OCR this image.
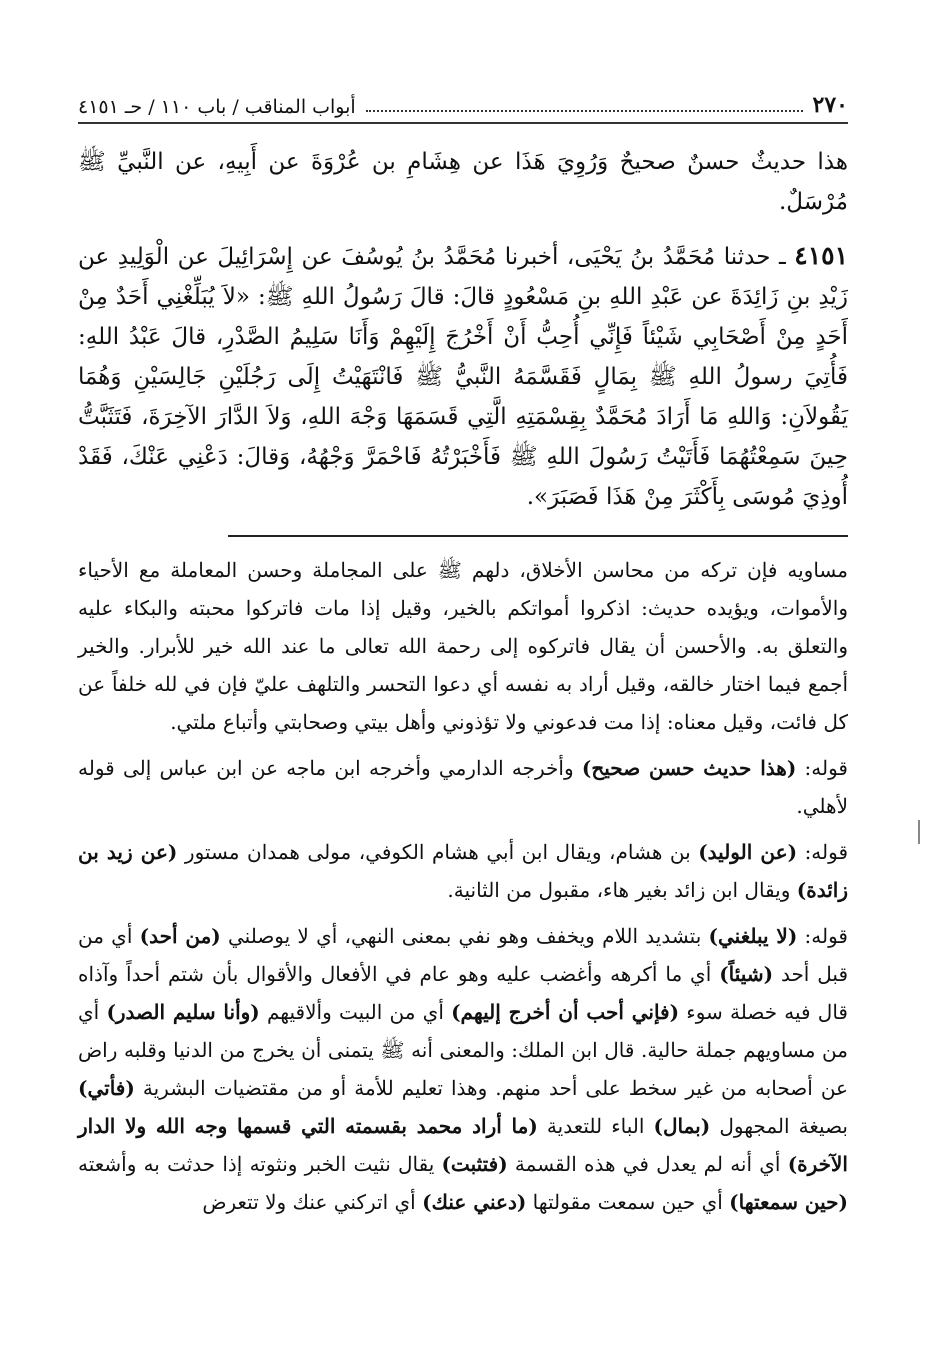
٢٧٠
أبواب المناقب / باب ١١٠ / حـ ٤١٥١

هذا حديثٌ حسنٌ صحيحٌ وَرُوِيَ هَذَا عن هِشَامِ بن عُرْوَةَ عن أَبِيهِ، عن النَّبيِّ ﷺ مُرْسَلٌ.

٤١٥١ ـ حدثنا مُحَمَّدُ بنُ يَحْيَى، أخبرنا مُحَمَّدُ بنُ يُوسُفَ عن إِسْرَائِيلَ عن الْوَلِيدِ عن زَيْدِ بنِ زَائِدَةَ عن عَبْدِ اللهِ بنِ مَسْعُودٍ قالَ: قالَ رَسُولُ اللهِ ﷺ: «لاَ يُبَلِّغْنِي أَحَدٌ مِنْ أَحَدٍ مِنْ أَصْحَابِي شَيْئاً فَإِنِّي أُحِبُّ أَنْ أَخْرُجَ إِلَيْهِمْ وَأَنَا سَلِيمُ الصَّدْرِ، قالَ عَبْدُ اللهِ: فَأُتِيَ رسولُ اللهِ ﷺ بِمَالٍ فَقَسَّمَهُ النَّبيُّ ﷺ فَانْتَهَيْتُ إِلَى رَجُلَيْنِ جَالِسَيْنِ وَهُمَا يَقُولاَنِ: وَاللهِ مَا أَرَادَ مُحَمَّدٌ بِقِسْمَتِهِ الَّتِي قَسَمَهَا وَجْهَ اللهِ، وَلاَ الدَّارَ الآخِرَةَ، فَتَثَبَّتُّ حِينَ سَمِعْتُهُمَا فَأَتَيْتُ رَسُولَ اللهِ ﷺ فَأَخْبَرْتُهُ فَاحْمَرَّ وَجْهُهُ، وَقالَ: دَعْنِي عَنْكَ، فَقَدْ أُوذِيَ مُوسَى بِأَكْثَرَ مِنْ هَذَا فَصَبَرَ».

مساويه فإن تركه من محاسن الأخلاق، دلهم ﷺ على المجاملة وحسن المعاملة مع الأحياء والأموات، ويؤيده حديث: اذكروا أمواتكم بالخير، وقيل إذا مات فاتركوا محبته والبكاء عليه والتعلق به. والأحسن أن يقال فاتركوه إلى رحمة الله تعالى ما عند الله خير للأبرار. والخير أجمع فيما اختار خالقه، وقيل أراد به نفسه أي دعوا التحسر والتلهف عليّ فإن في لله خلفاً عن كل فائت، وقيل معناه: إذا مت فدعوني ولا تؤذوني وأهل بيتي وصحابتي وأتباع ملتي.

قوله: (هذا حديث حسن صحيح) وأخرجه الدارمي وأخرجه ابن ماجه عن ابن عباس إلى قوله لأهلي.

قوله: (عن الوليد) بن هشام، ويقال ابن أبي هشام الكوفي، مولى همدان مستور (عن زيد بن زائدة) ويقال ابن زائد بغير هاء، مقبول من الثانية.

قوله: (لا يبلغني) بتشديد اللام ويخفف وهو نفي بمعنى النهي، أي لا يوصلني (من أحد) أي من قبل أحد (شيئاً) أي ما أكرهه وأغضب عليه وهو عام في الأفعال والأقوال بأن شتم أحداً وآذاه قال فيه خصلة سوء (فإني أحب أن أخرج إليهم) أي من البيت وألاقيهم (وأنا سليم الصدر) أي من مساويهم جملة حالية. قال ابن الملك: والمعنى أنه ﷺ يتمنى أن يخرج من الدنيا وقلبه راض عن أصحابه من غير سخط على أحد منهم. وهذا تعليم للأمة أو من مقتضيات البشرية (فأتي) بصيغة المجهول (بمال) الباء للتعدية (ما أراد محمد بقسمته التي قسمها وجه الله ولا الدار الآخرة) أي أنه لم يعدل في هذه القسمة (فتثبت) يقال نثيت الخبر ونثوته إذا حدثت به وأشعته (حين سمعتها) أي حين سمعت مقولتها (دعني عنك) أي اتركني عنك ولا تتعرض
